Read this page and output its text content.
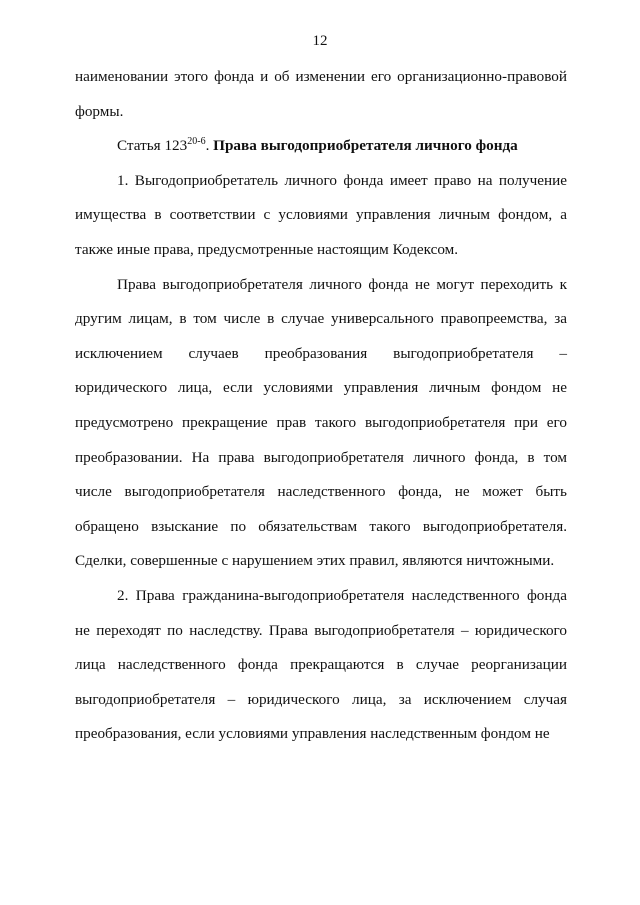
12

наименовании этого фонда и об изменении его организационно-правовой формы.

Статья 123$^{20-6}$. Права выгодоприобретателя личного фонда

1. Выгодоприобретатель личного фонда имеет право на получение имущества в соответствии с условиями управления личным фондом, а также иные права, предусмотренные настоящим Кодексом.

Права выгодоприобретателя личного фонда не могут переходить к другим лицам, в том числе в случае универсального правопреемства, за исключением случаев преобразования выгодоприобретателя – юридического лица, если условиями управления личным фондом не предусмотрено прекращение прав такого выгодоприобретателя при его преобразовании. На права выгодоприобретателя личного фонда, в том числе выгодоприобретателя наследственного фонда, не может быть обращено взыскание по обязательствам такого выгодоприобретателя. Сделки, совершенные с нарушением этих правил, являются ничтожными.

2. Права гражданина-выгодоприобретателя наследственного фонда не переходят по наследству. Права выгодоприобретателя – юридического лица наследственного фонда прекращаются в случае реорганизации выгодоприобретателя – юридического лица, за исключением случая преобразования, если условиями управления наследственным фондом не
